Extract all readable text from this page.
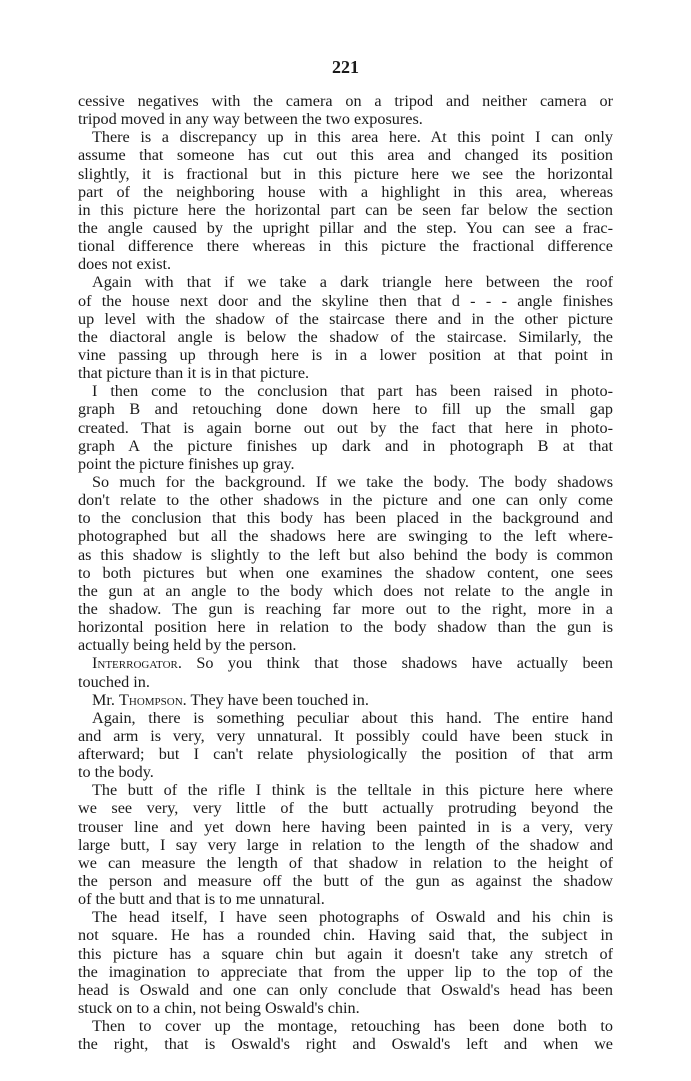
221
cessive negatives with the camera on a tripod and neither camera or
tripod moved in any way between the two exposures.
There is a discrepancy up in this area here. At this point I can only
assume that someone has cut out this area and changed its position
slightly, it is fractional but in this picture here we see the horizontal
part of the neighboring house with a highlight in this area, whereas
in this picture here the horizontal part can be seen far below the section
the angle caused by the upright pillar and the step. You can see a frac-
tional difference there whereas in this picture the fractional difference
does not exist.
Again with that if we take a dark triangle here between the roof
of the house next door and the skyline then that d - - - angle finishes
up level with the shadow of the staircase there and in the other picture
the diactoral angle is below the shadow of the staircase. Similarly, the
vine passing up through here is in a lower position at that point in
that picture than it is in that picture.
I then come to the conclusion that part has been raised in photo-
graph B and retouching done down here to fill up the small gap
created. That is again borne out out by the fact that here in photo-
graph A the picture finishes up dark and in photograph B at that
point the picture finishes up gray.
So much for the background. If we take the body. The body shadows
don't relate to the other shadows in the picture and one can only come
to the conclusion that this body has been placed in the background and
photographed but all the shadows here are swinging to the left where-
as this shadow is slightly to the left but also behind the body is common
to both pictures but when one examines the shadow content, one sees
the gun at an angle to the body which does not relate to the angle in
the shadow. The gun is reaching far more out to the right, more in a
horizontal position here in relation to the body shadow than the gun is
actually being held by the person.
Interrogator. So you think that those shadows have actually been
touched in.
Mr. Thompson. They have been touched in.
Again, there is something peculiar about this hand. The entire hand
and arm is very, very unnatural. It possibly could have been stuck in
afterward; but I can't relate physiologically the position of that arm
to the body.
The butt of the rifle I think is the telltale in this picture here where
we see very, very little of the butt actually protruding beyond the
trouser line and yet down here having been painted in is a very, very
large butt, I say very large in relation to the length of the shadow and
we can measure the length of that shadow in relation to the height of
the person and measure off the butt of the gun as against the shadow
of the butt and that is to me unnatural.
The head itself, I have seen photographs of Oswald and his chin is
not square. He has a rounded chin. Having said that, the subject in
this picture has a square chin but again it doesn't take any stretch of
the imagination to appreciate that from the upper lip to the top of the
head is Oswald and one can only conclude that Oswald's head has been
stuck on to a chin, not being Oswald's chin.
Then to cover up the montage, retouching has been done both to
the right, that is Oswald's right and Oswald's left and when we
